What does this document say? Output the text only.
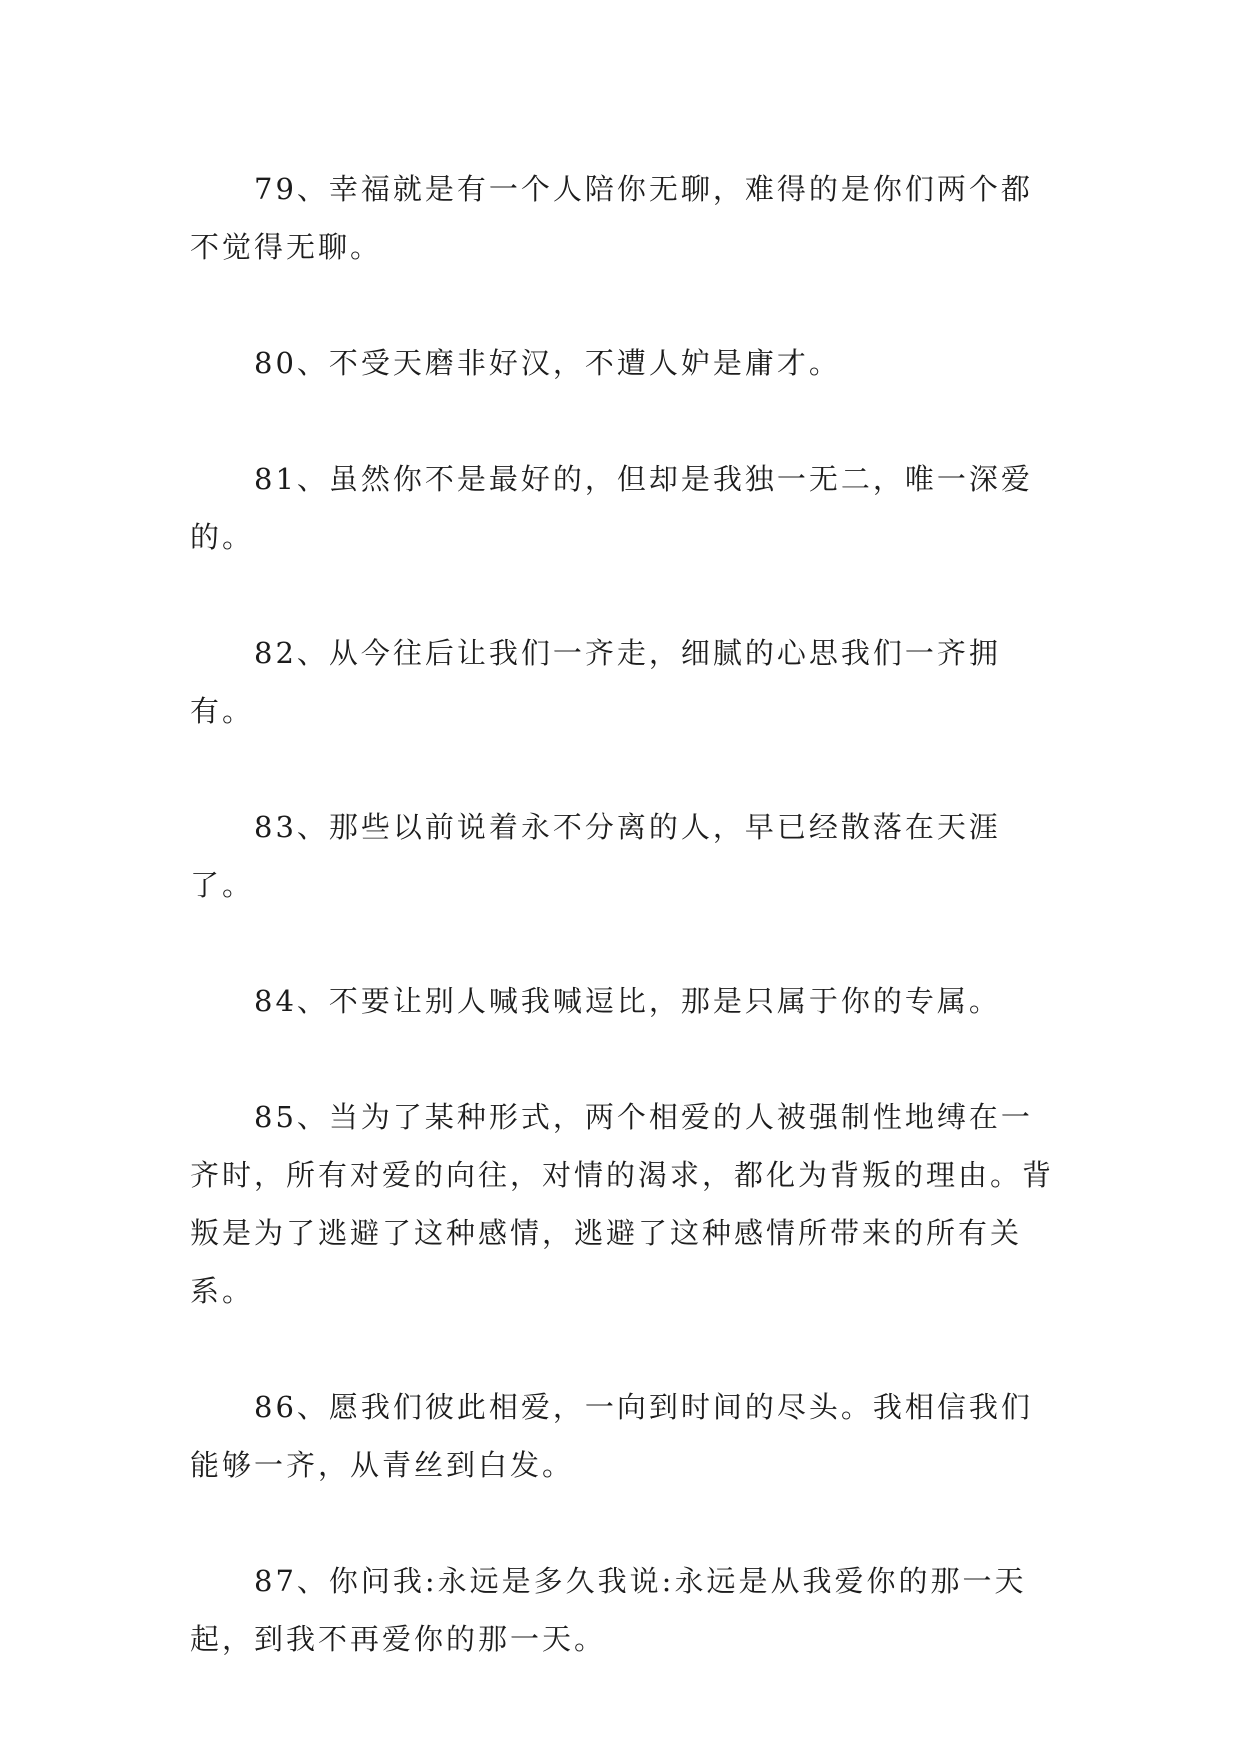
79、幸福就是有一个人陪你无聊，难得的是你们两个都不觉得无聊。

80、不受天磨非好汉，不遭人妒是庸才。

81、虽然你不是最好的，但却是我独一无二，唯一深爱的。

82、从今往后让我们一齐走，细腻的心思我们一齐拥有。

83、那些以前说着永不分离的人，早已经散落在天涯了。

84、不要让别人喊我喊逗比，那是只属于你的专属。

85、当为了某种形式，两个相爱的人被强制性地缚在一齐时，所有对爱的向往，对情的渴求，都化为背叛的理由。背叛是为了逃避了这种感情，逃避了这种感情所带来的所有关系。

86、愿我们彼此相爱，一向到时间的尽头。我相信我们能够一齐，从青丝到白发。

87、你问我:永远是多久我说:永远是从我爱你的那一天起，到我不再爱你的那一天。
